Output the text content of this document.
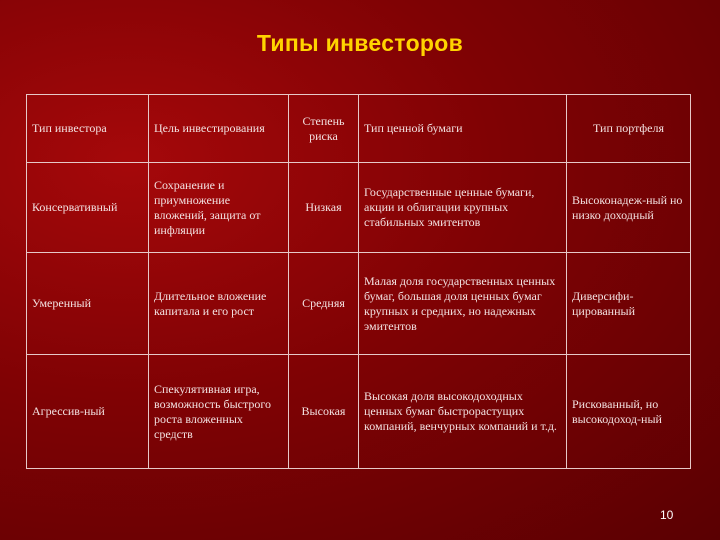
Типы инвесторов
Тип инвестора	Цель инвестирования	Степень риска	Тип ценной бумаги	Тип портфеля
Консервативный	Сохранение и приумножение вложений, защита от инфляции	Низкая	Государственные ценные бумаги, акции и облигации крупных стабильных эмитентов	Высоконадеж-ный но низко доходный
Умеренный	Длительное вложение капитала и его рост	Средняя	Малая доля государственных ценных бумаг, большая доля ценных бумаг крупных и средних, но надежных эмитентов	Диверсифи-цированный
Агрессив-ный	Спекулятивная игра, возможность быстрого роста вложенных средств	Высокая	Высокая доля высокодоходных ценных бумаг быстрорастущих компаний, венчурных компаний и т.д.	Рискованный, но высокодоход-ный
10
